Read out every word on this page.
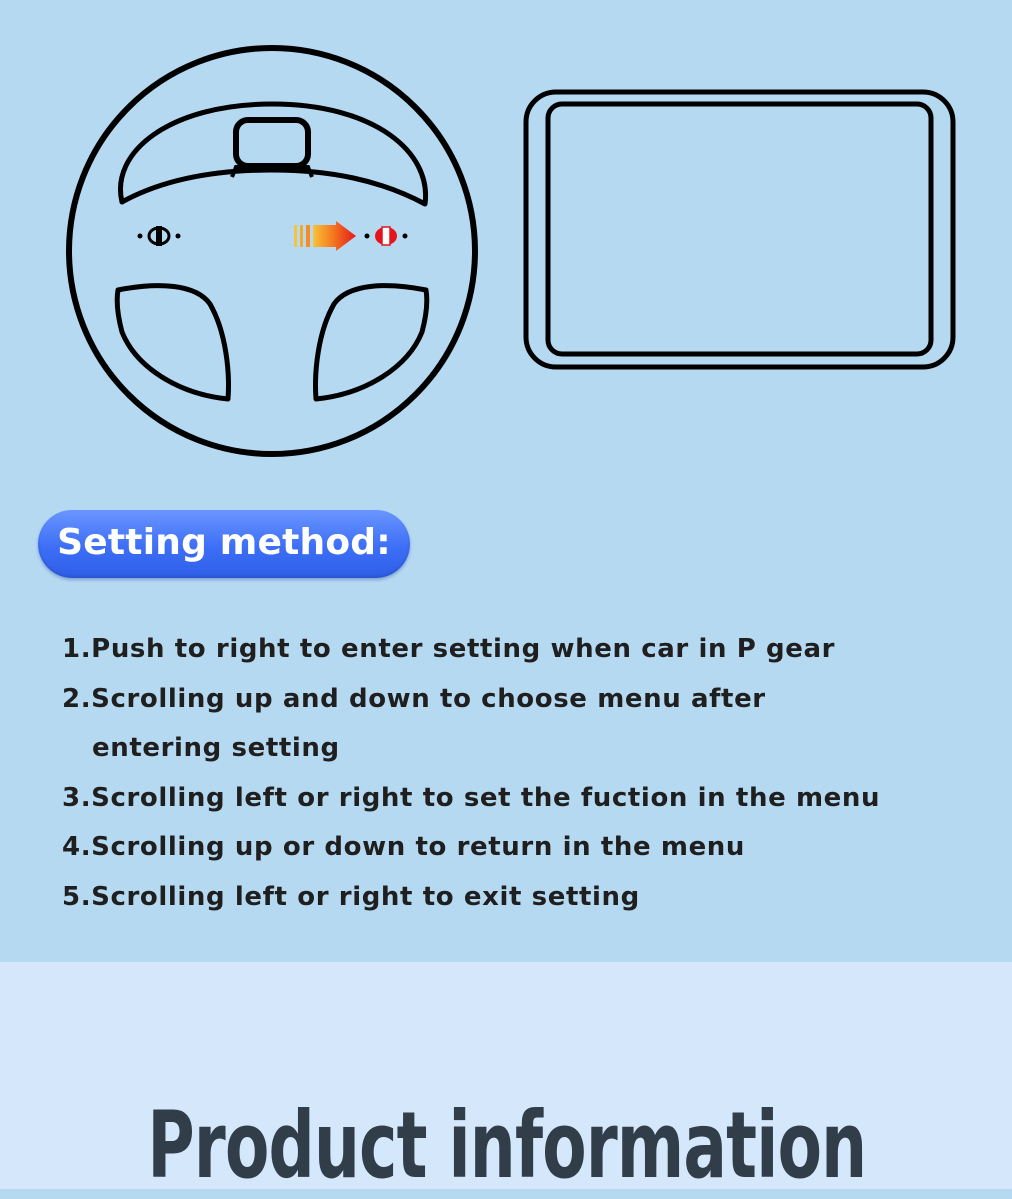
Setting method:
1.Push to right to enter setting when car in P gear
2.Scrolling up and down to choose menu after
entering setting
3.Scrolling left or right to set the fuction in the menu
4.Scrolling up or down to return in the menu
5.Scrolling left or right to exit setting
Product information
